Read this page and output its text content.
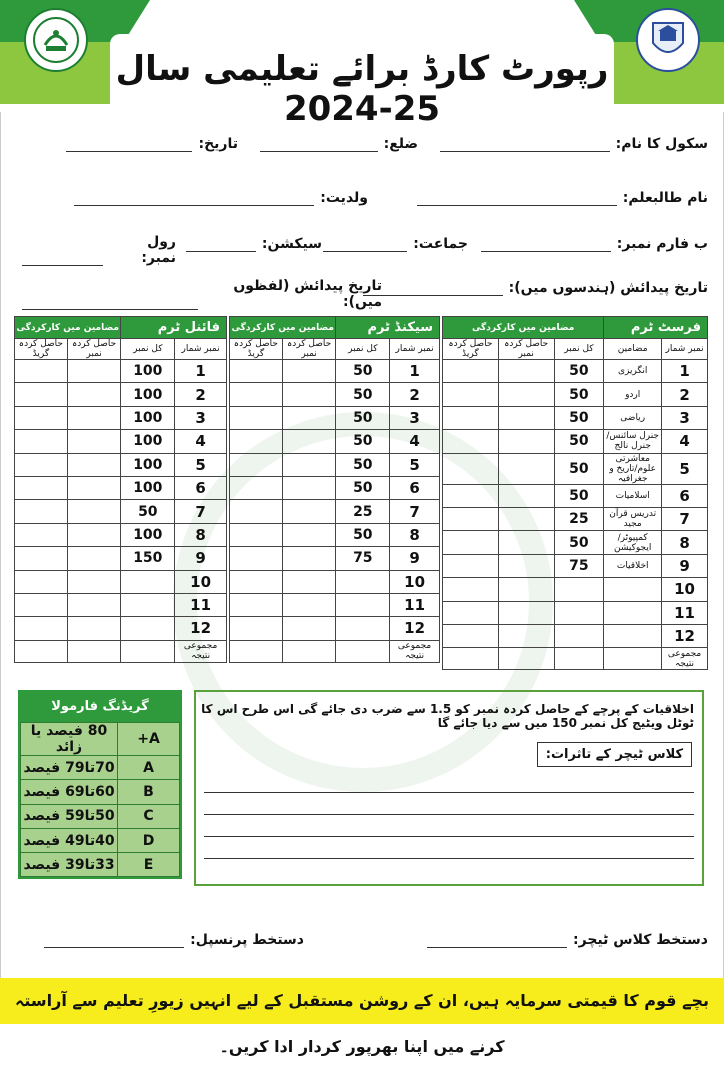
رپورٹ کارڈ برائے تعلیمی سال 25-2024
سکول کا نام:
ضلع:
تاریخ:
نام طالبعلم:
ولدیت:
ب فارم نمبر:
جماعت:
سیکشن:
رول نمبر:
تاریخ پیدائش (ہندسوں میں):
تاریخ پیدائش (لفظوں میں):
فرسٹ ٹرم		مضامین میں کارکردگی		
نمبر شمار	مضامین	کل نمبر	حاصل کردہ نمبر	حاصل کردہ گریڈ
1	انگریزی	50		
2	اردو	50		
3	ریاضی	50		
4	جنرل سائنس/جنرل نالج	50		
5	معاشرتی علوم/تاریخ و جغرافیہ	50		
6	اسلامیات	50		
7	تدریس قرآن مجید	25		
8	کمپیوٹر/ایجوکیشن	50		
9	اخلاقیات	75		
10				
11				
12				
مجموعی نتیجہ				
سیکنڈ ٹرم		مضامین میں کارکردگی	
نمبر شمار	کل نمبر	حاصل کردہ نمبر	حاصل کردہ گریڈ
1	50		
2	50		
3	50		
4	50		
5	50		
6	50		
7	25		
8	50		
9	75		
10			
11			
12			
مجموعی نتیجہ			
فائنل ٹرم		مضامین میں کارکردگی	
نمبر شمار	کل نمبر	حاصل کردہ نمبر	حاصل کردہ گریڈ
1	100		
2	100		
3	100		
4	100		
5	100		
6	100		
7	50		
8	100		
9	150		
10			
11			
12			
مجموعی نتیجہ			
گریڈنگ فارمولا
A+	80 فیصد یا زائد
A	70تا79 فیصد
B	60تا69 فیصد
C	50تا59 فیصد
D	40تا49 فیصد
E	33تا39 فیصد
اخلاقیات کے پرچے کے حاصل کردہ نمبر کو 1.5 سے ضرب دی جائے گی اس طرح اس کا ٹوٹل ویٹیج کل نمبر 150 میں سے دیا جائے گا
کلاس ٹیچر کے تاثرات:
دستخط کلاس ٹیچر:
دستخط پرنسپل:
بچے قوم کا قیمتی سرمایہ ہیں، ان کے روشن مستقبل کے لیے انہیں زیورِ تعلیم سے آراستہ کرنے میں اپنا بھرپور کردار ادا کریں۔
